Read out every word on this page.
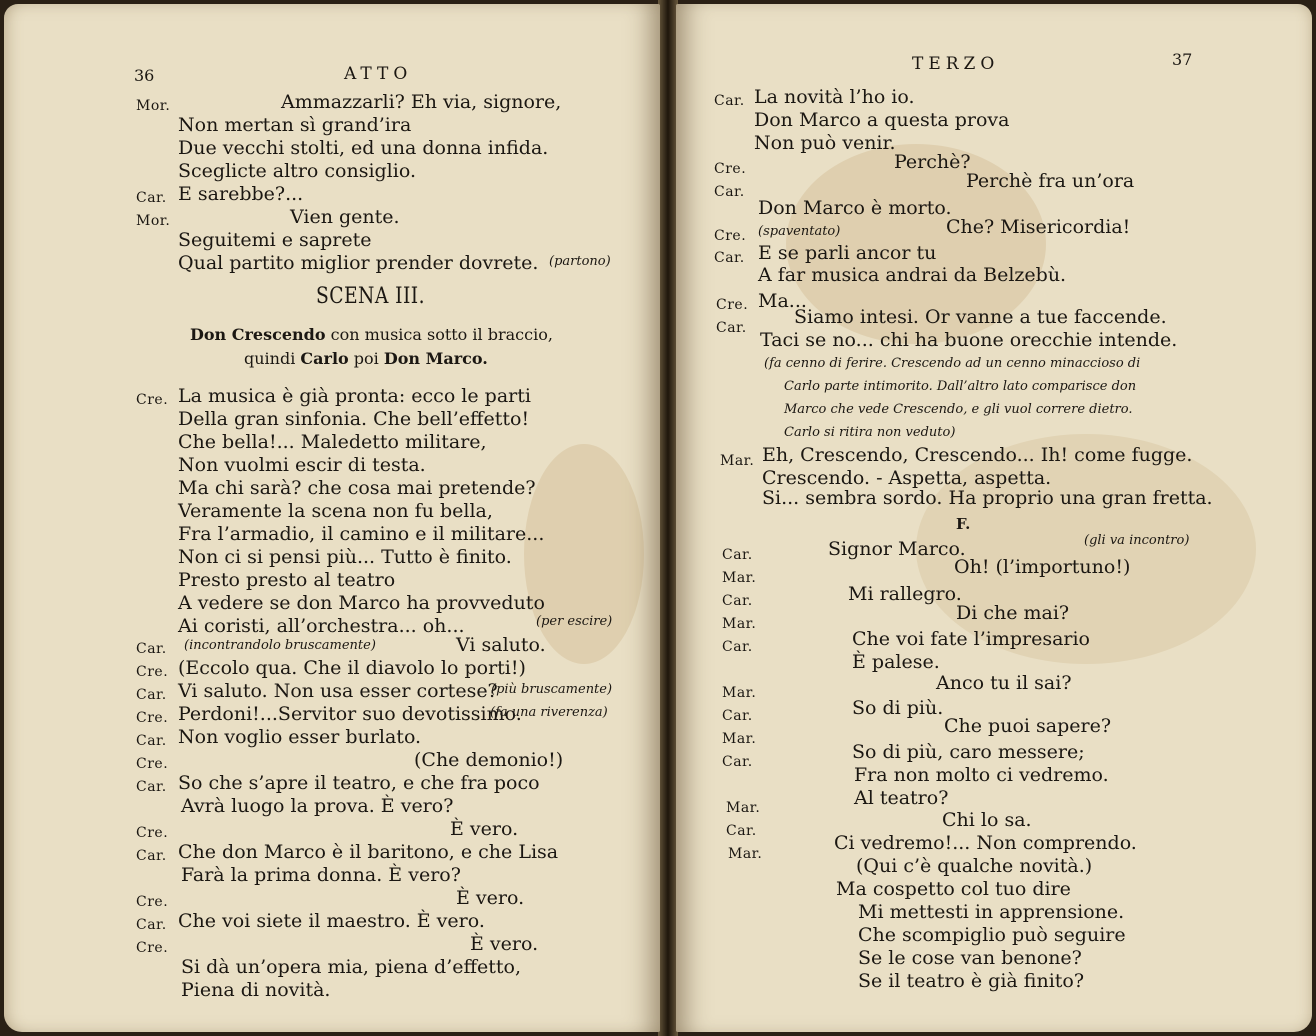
36	ATTO
Mor.	Ammazzarli? Eh via, signore,
Non mertan sì grand’ira
Due vecchi stolti, ed una donna infida.
Sceglicte altro consiglio.
Car. E sarebbe?...
Mor.	Vien gente.
Seguitemi e saprete
Qual partito miglior prender dovrete. (partono)
SCENA III.
Don Crescendo con musica sotto il braccio,
quindi Carlo poi Don Marco.
Cre. La musica è già pronta: ecco le parti
Della gran sinfonia. Che bell’effetto!
Che bella!... Maledetto militare,
Non vuolmi escir di testa.
Ma chi sarà? che cosa mai pretende?
Veramente la scena non fu bella,
Fra l’armadio, il camino e il militare...
Non ci si pensi più... Tutto è finito.
Presto presto al teatro
A vedere se don Marco ha provveduto
Ai coristi, all’orchestra... oh...	(per escire)
Car. (incontrandolo bruscamente)	Vi saluto.
Cre. (Eccolo qua. Che il diavolo lo porti!)
Car. Vi saluto. Non usa esser cortese?
(più bruscamente)
Cre. Perdoni!...Servitor suo devotissimo.
(fa una riverenza)
Car. Non voglio esser burlato.
Cre.	(Che demonio!)
Car. So che s’apre il teatro, e che fra poco
Avrà luogo la prova. È vero?
Cre.	È vero.
Car. Che don Marco è il baritono, e che Lisa
Farà la prima donna. È vero?
Cre.	È vero.
Car. Che voi siete il maestro. È vero.
Cre.	È vero.
Si dà un’opera mia, piena d’effetto,
Piena di novità.
TERZO	37
Car. La novità l’ho io.
Don Marco a questa prova
Non può venir.
Cre.	Perchè?
Car.	Perchè fra un’ora
Don Marco è morto.
Cre. (spaventato)	Che? Misericordia!
Car. E se parli ancor tu
A far musica andrai da Belzebù.
Cre. Ma...
Car. Siamo intesi. Or vanne a tue faccende.
Taci se no... chi ha buone orecchie intende.
(fa cenno di ferire. Crescendo ad un cenno minaccioso di
Carlo parte intimorito. Dall’altro lato comparisce don
Marco che vede Crescendo, e gli vuol correre dietro.
Carlo si ritira non veduto)
Mar. Eh, Crescendo, Crescendo... Ih! come fugge.
Crescendo. - Aspetta, aspetta.
Si... sembra sordo. Ha proprio una gran fretta.
F.
Car.	Signor Marco.	(gli va incontro)
Mar.	Oh! (l’importuno!)
Car.	Mi rallegro.
Mar.	Di che mai?
Car.	Che voi fate l’impresario
È palese.
Mar.	Anco tu il sai?
Car.	So di più.
Mar.
Che puoi sapere?
Car.	So di più, caro messere;
Fra non molto ci vedremo.
Mar.	Al teatro?
Car.	Chi lo sa.
Mar.	Ci vedremo!... Non comprendo.
(Qui c’è qualche novità.)
Ma cospetto col tuo dire
Mi mettesti in apprensione.
Che scompiglio può seguire
Se le cose van benone?
Se il teatro è già finito?
